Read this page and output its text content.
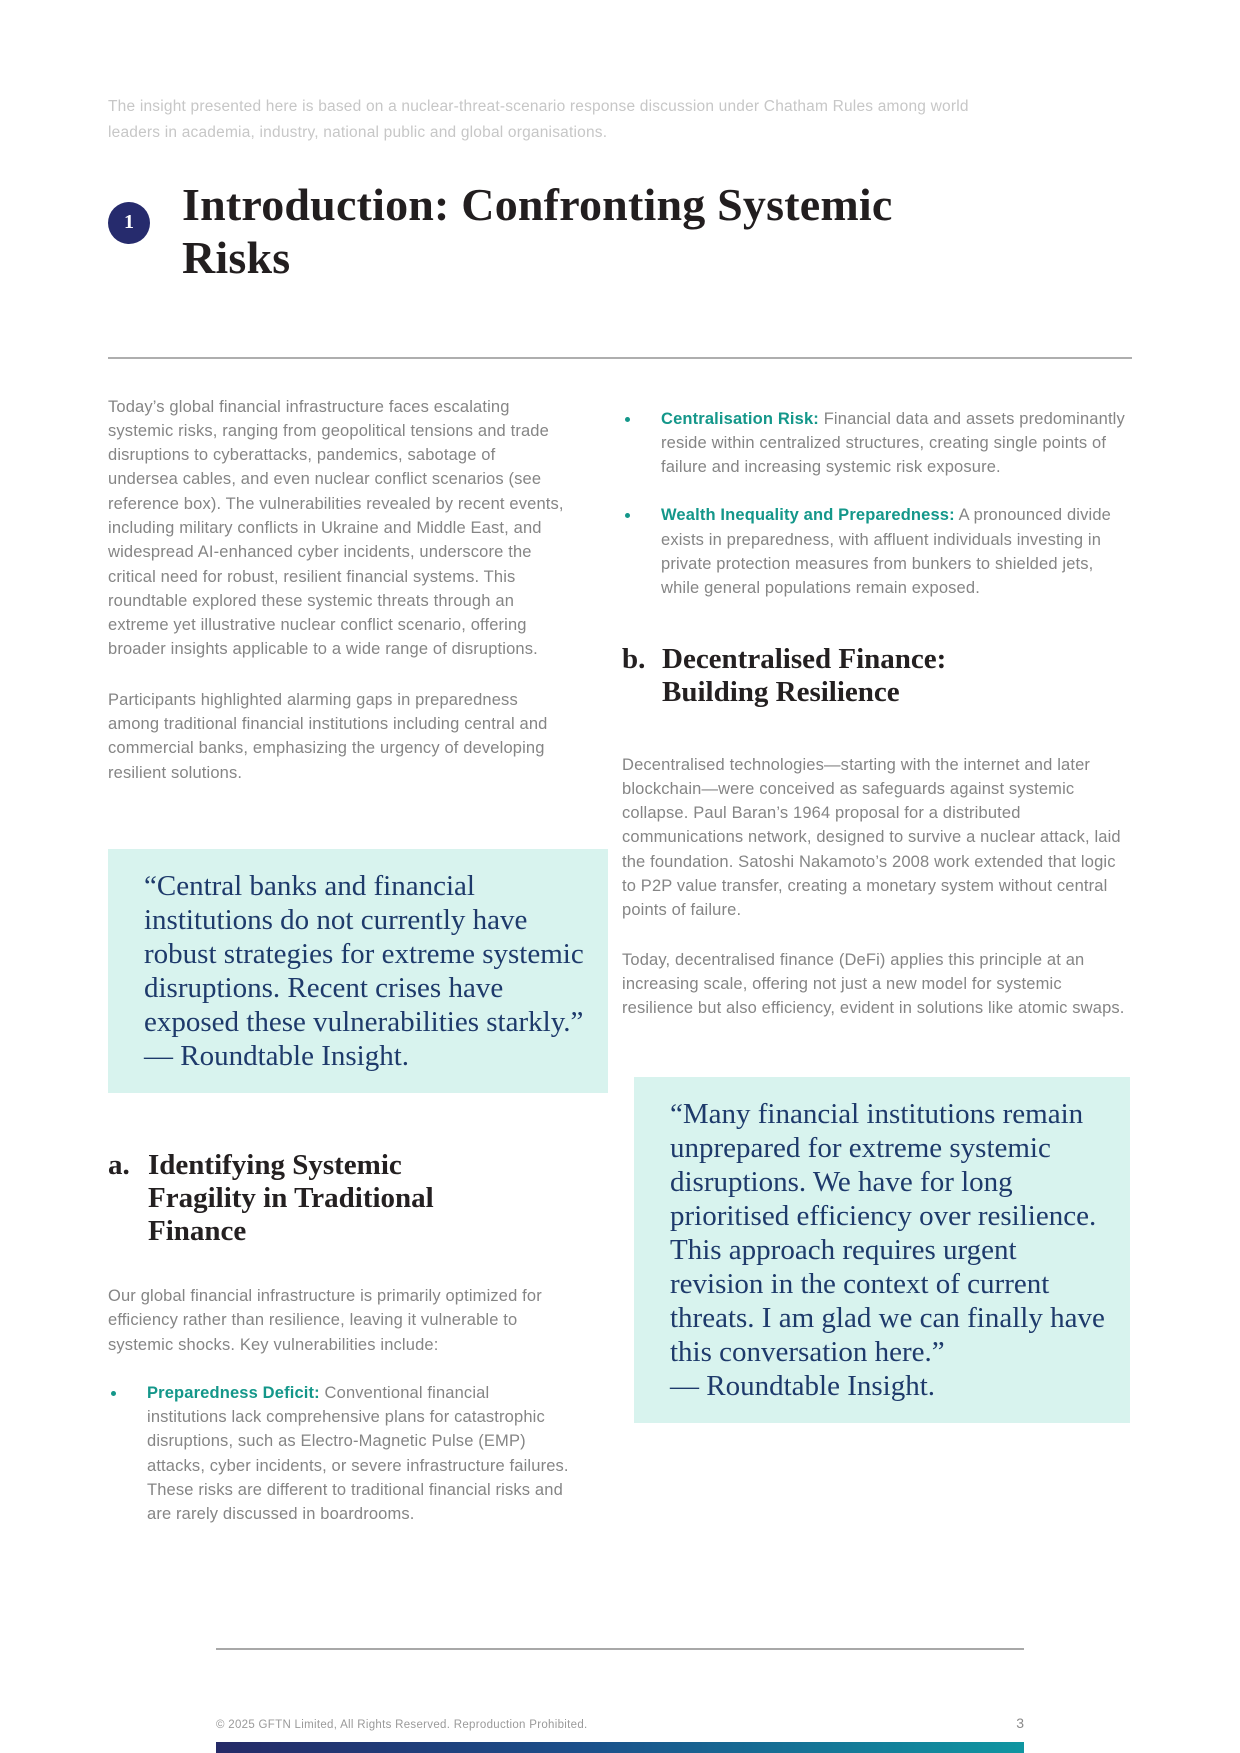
The insight presented here is based on a nuclear-threat-scenario response discussion under Chatham Rules among world leaders in academia, industry, national public and global organisations.

1 Introduction: Confronting Systemic Risks

Today’s global financial infrastructure faces escalating systemic risks, ranging from geopolitical tensions and trade disruptions to cyberattacks, pandemics, sabotage of undersea cables, and even nuclear conflict scenarios (see reference box). The vulnerabilities revealed by recent events, including military conflicts in Ukraine and Middle East, and widespread AI-enhanced cyber incidents, underscore the critical need for robust, resilient financial systems. This roundtable explored these systemic threats through an extreme yet illustrative nuclear conflict scenario, offering broader insights applicable to a wide range of disruptions.

Participants highlighted alarming gaps in preparedness among traditional financial institutions including central and commercial banks, emphasizing the urgency of developing resilient solutions.

“Central banks and financial institutions do not currently have robust strategies for extreme systemic disruptions. Recent crises have exposed these vulnerabilities starkly.”

— Roundtable Insight.

a. Identifying Systemic Fragility in Traditional Finance

Our global financial infrastructure is primarily optimized for efficiency rather than resilience, leaving it vulnerable to systemic shocks. Key vulnerabilities include:

Preparedness Deficit: Conventional financial institutions lack comprehensive plans for catastrophic disruptions, such as Electro-Magnetic Pulse (EMP) attacks, cyber incidents, or severe infrastructure failures. These risks are different to traditional financial risks and are rarely discussed in boardrooms.

Centralisation Risk: Financial data and assets predominantly reside within centralized structures, creating single points of failure and increasing systemic risk exposure.

Wealth Inequality and Preparedness: A pronounced divide exists in preparedness, with affluent individuals investing in private protection measures from bunkers to shielded jets, while general populations remain exposed.

b. Decentralised Finance: Building Resilience

Decentralised technologies—starting with the internet and later blockchain—were conceived as safeguards against systemic collapse. Paul Baran’s 1964 proposal for a distributed communications network, designed to survive a nuclear attack, laid the foundation. Satoshi Nakamoto’s 2008 work extended that logic to P2P value transfer, creating a monetary system without central points of failure.

Today, decentralised finance (DeFi) applies this principle at an increasing scale, offering not just a new model for systemic resilience but also efficiency, evident in solutions like atomic swaps.

“Many financial institutions remain unprepared for extreme systemic disruptions. We have for long prioritised efficiency over resilience. This approach requires urgent revision in the context of current threats. I am glad we can finally have this conversation here.”

— Roundtable Insight.

© 2025 GFTN Limited, All Rights Reserved. Reproduction Prohibited.	3
